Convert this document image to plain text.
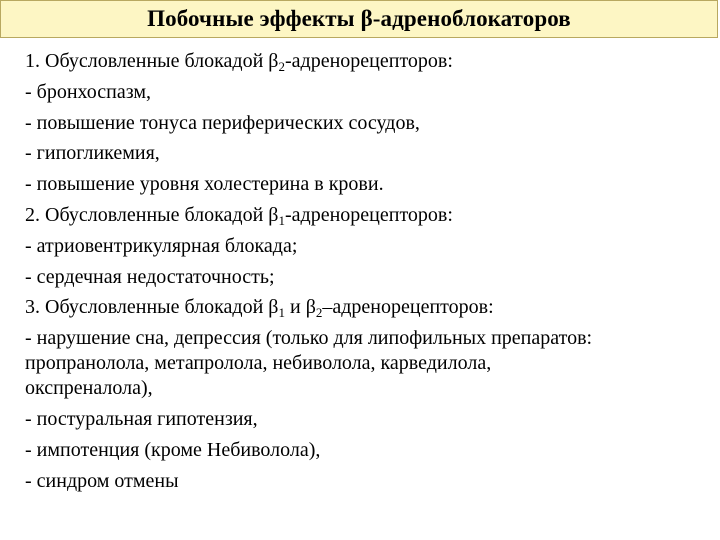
Побочные эффекты β-адреноблокаторов
1. Обусловленные блокадой $\beta_2$-адренорецепторов:
- бронхоспазм,
- повышение тонуса периферических сосудов,
- гипогликемия,
- повышение уровня холестерина в крови.
2. Обусловленные блокадой $\beta_1$-адренорецепторов:
- атриовентрикулярная блокада;
- сердечная недостаточность;
3. Обусловленные блокадой $\beta_1$ и $\beta_2$–адренорецепторов:
- нарушение сна, депрессия (только для липофильных препаратов: пропранолола, метапролола, небиволола, карведилола, окспреналола),
- постуральная гипотензия,
- импотенция (кроме Небиволола),
- синдром отмены
